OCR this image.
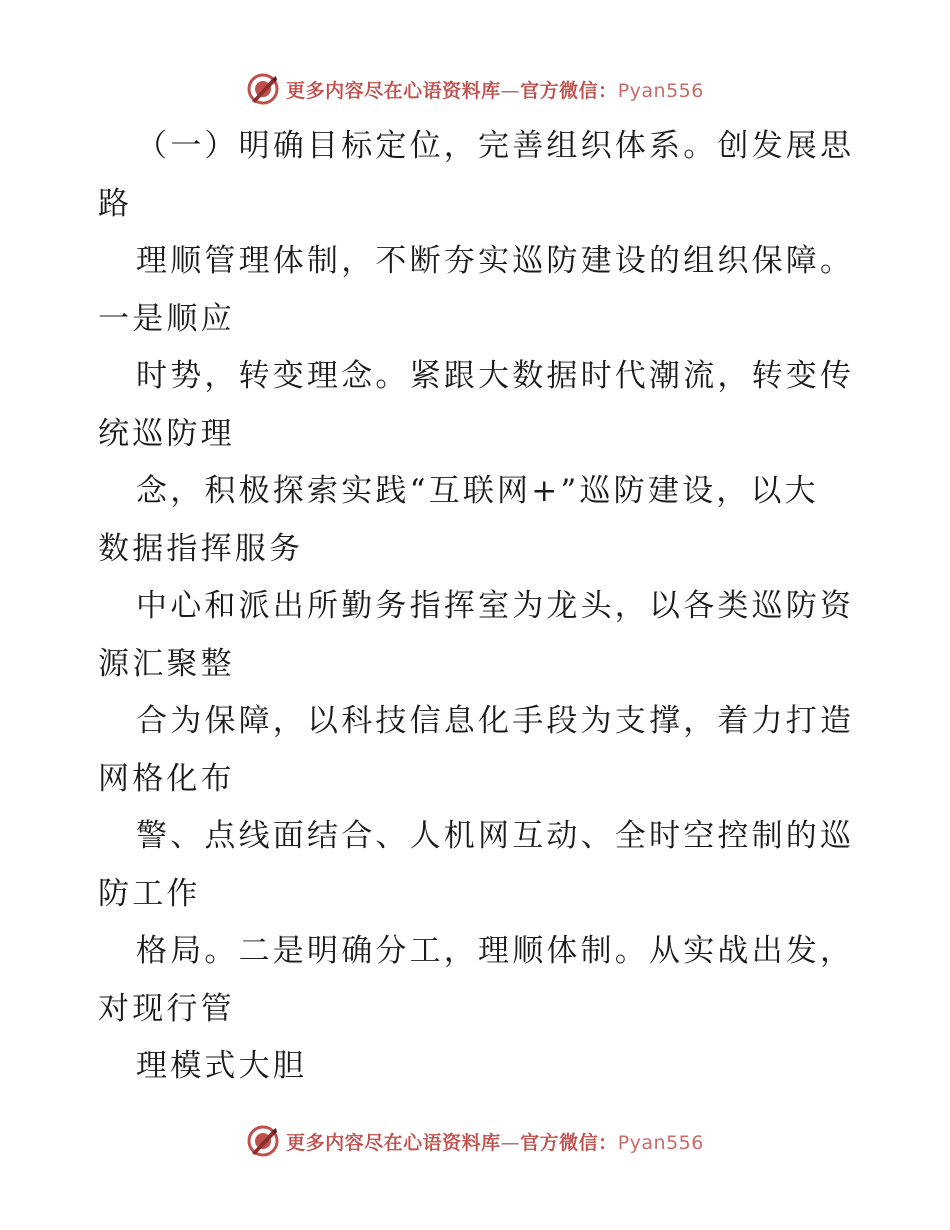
更多内容尽在心语资料库—官方微信：Pyan556

（一）明确目标定位，完善组织体系。创发展思

路

理顺管理体制，不断夯实巡防建设的组织保障。

一是顺应

时势，转变理念。紧跟大数据时代潮流，转变传

统巡防理

念，积极探索实践“互联网+”巡防建设，以大

数据指挥服务

中心和派出所勤务指挥室为龙头，以各类巡防资

源汇聚整

合为保障，以科技信息化手段为支撑，着力打造

网格化布

警、点线面结合、人机网互动、全时空控制的巡

防工作

格局。二是明确分工，理顺体制。从实战出发，

对现行管

理模式大胆

更多内容尽在心语资料库—官方微信：Pyan556
